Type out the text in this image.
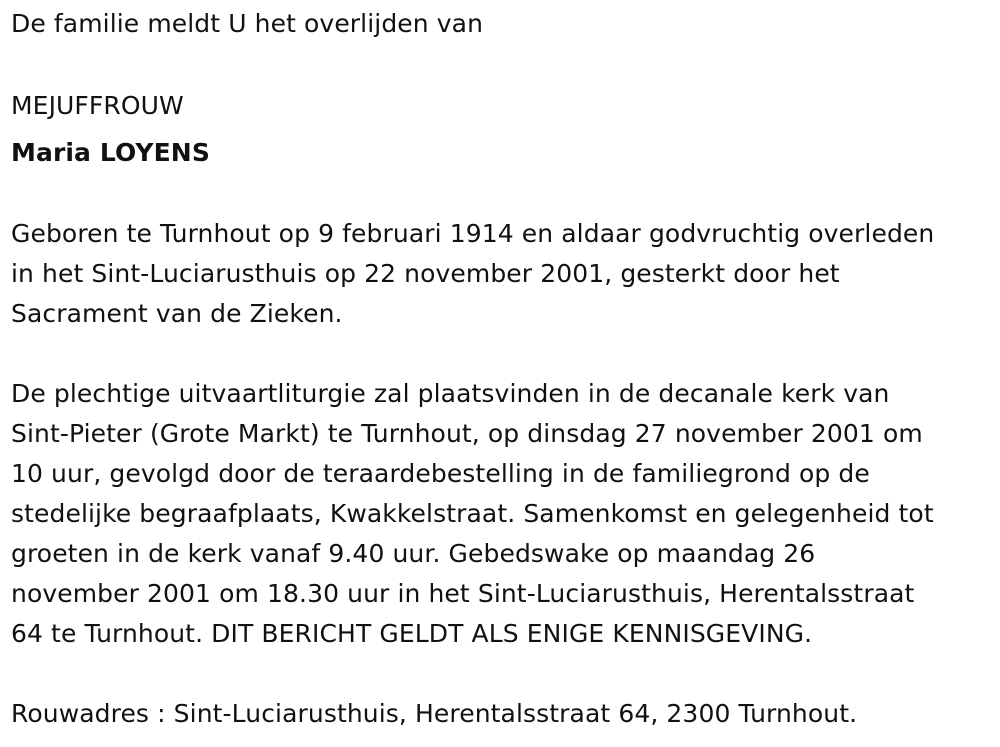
De familie meldt U het overlijden van

MEJUFFROUW

Maria LOYENS

Geboren te Turnhout op 9 februari 1914 en aldaar godvruchtig overleden

in het Sint-Luciarusthuis op 22 november 2001, gesterkt door het

Sacrament van de Zieken.

De plechtige uitvaartliturgie zal plaatsvinden in de decanale kerk van

Sint-Pieter (Grote Markt) te Turnhout, op dinsdag 27 november 2001 om

10 uur, gevolgd door de teraardebestelling in de familiegrond op de

stedelijke begraafplaats, Kwakkelstraat. Samenkomst en gelegenheid tot

groeten in de kerk vanaf 9.40 uur. Gebedswake op maandag 26

november 2001 om 18.30 uur in het Sint-Luciarusthuis, Herentalsstraat

64 te Turnhout. DIT BERICHT GELDT ALS ENIGE KENNISGEVING.

Rouwadres : Sint-Luciarusthuis, Herentalsstraat 64, 2300 Turnhout.
